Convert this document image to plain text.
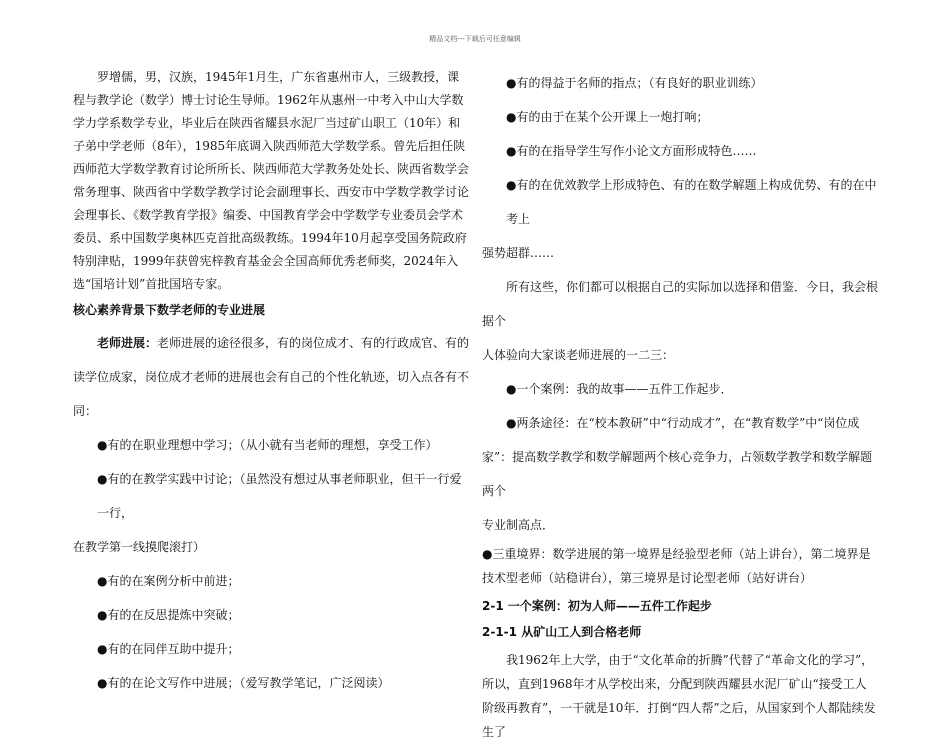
精品文档---下载后可任意编辑

罗增儒，男，汉族，1945年1月生，广东省惠州市人，三级教授，课程与教学论（数学）博士讨论生导师。1962年从惠州一中考入中山大学数学力学系数学专业，毕业后在陕西省耀县水泥厂当过矿山职工（10年）和子弟中学老师（8年），1985年底调入陕西师范大学数学系。曾先后担任陕西师范大学数学教育讨论所所长、陕西师范大学教务处处长、陕西省数学会常务理事、陕西省中学数学教学讨论会副理事长、西安市中学数学教学讨论会理事长、《数学教育学报》编委、中国教育学会中学数学专业委员会学术委员、系中国数学奥林匹克首批高级教练。1994年10月起享受国务院政府特别津贴，1999年获曾宪梓教育基金会全国高师优秀老师奖，2024年入选“国培计划”首批国培专家。

核心素养背景下数学老师的专业进展

老师进展：老师进展的途径很多，有的岗位成才、有的行政成官、有的读学位成家，岗位成才老师的进展也会有自己的个性化轨迹，切入点各有不同：

●有的在职业理想中学习；（从小就有当老师的理想，享受工作）

●有的在教学实践中讨论；（虽然没有想过从事老师职业，但干一行爱一行，

在教学第一线摸爬滚打）

●有的在案例分析中前进；

●有的在反思提炼中突破；

●有的在同伴互助中提升；

●有的在论文写作中进展；（爱写教学笔记，广泛阅读）

●有的得益于名师的指点；（有良好的职业训练）

●有的由于在某个公开课上一炮打响；

●有的在指导学生写作小论文方面形成特色……

●有的在优效教学上形成特色、有的在数学解题上构成优势、有的在中考上

强势超群……

所有这些，你们都可以根据自己的实际加以选择和借鉴．今日，我会根据个

人体验向大家谈老师进展的一二三：

●一个案例：我的故事——五件工作起步．

●两条途径：在“校本教研”中“行动成才”，在“教育数学”中“岗位成

家”：提高数学教学和数学解题两个核心竞争力，占领数学教学和数学解题两个

专业制高点．

●三重境界：数学进展的第一境界是经验型老师（站上讲台），第二境界是技术型老师（站稳讲台），第三境界是讨论型老师（站好讲台）

2-1 一个案例：初为人师——五件工作起步

2-1-1 从矿山工人到合格老师

我1962年上大学，由于“文化革命的折腾”代替了“革命文化的学习”，所以，直到1968年才从学校出来，分配到陕西耀县水泥厂矿山“接受工人阶级再教育”，一干就是10年．打倒“四人帮”之后，从国家到个人都陆续发生了
